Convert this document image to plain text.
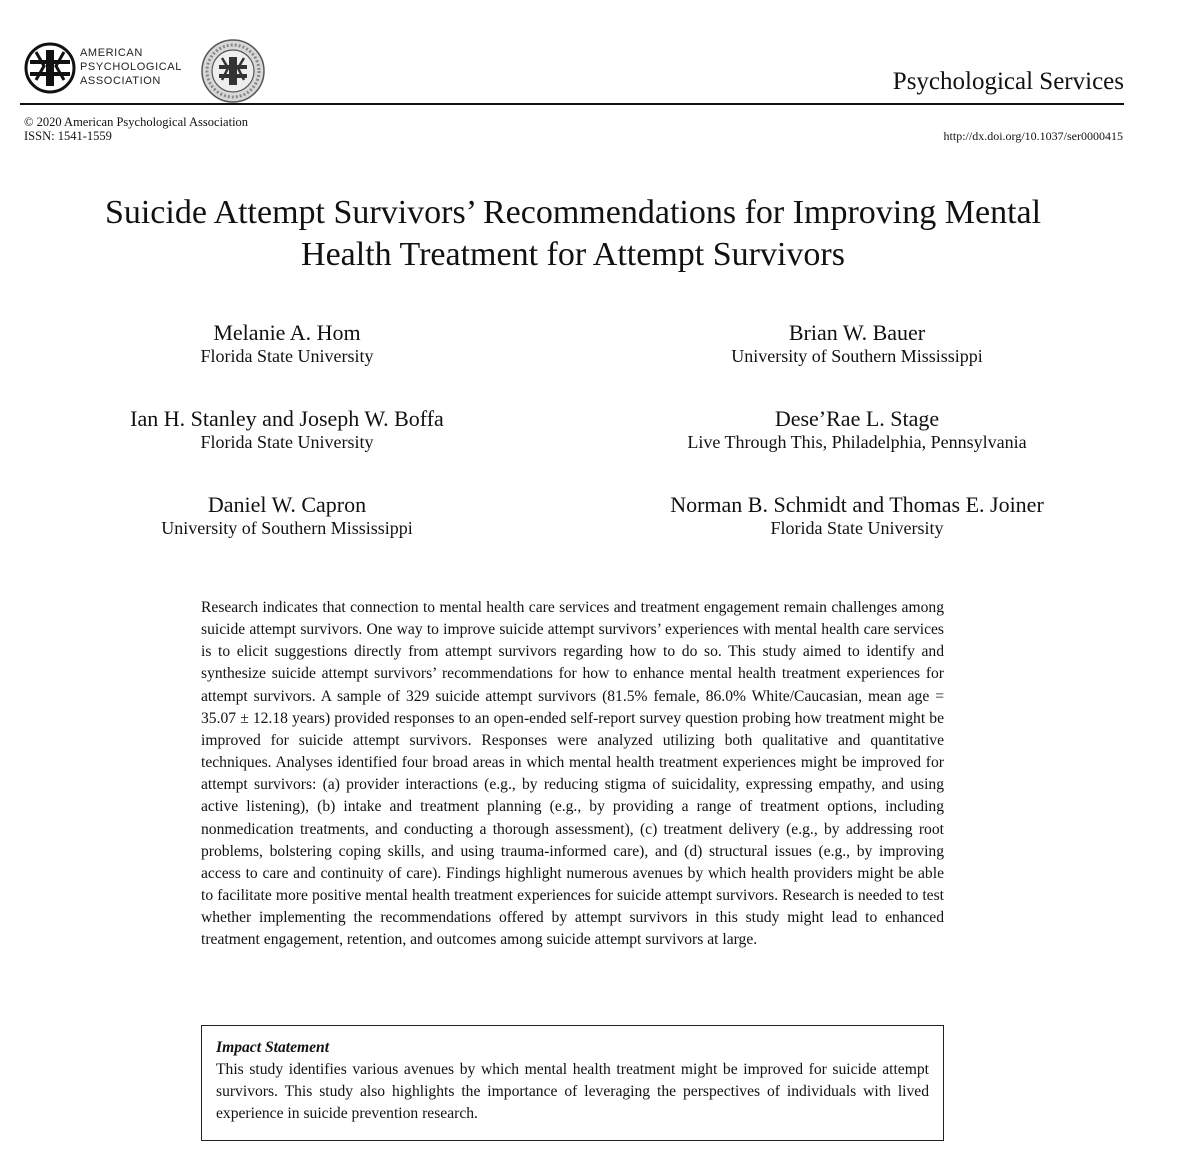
AMERICAN
PSYCHOLOGICAL
ASSOCIATION	Psychological Services
© 2020 American Psychological Association
ISSN: 1541-1559	http://dx.doi.org/10.1037/ser0000415
Suicide Attempt Survivors’ Recommendations for Improving Mental
Health Treatment for Attempt Survivors
Melanie A. Hom
Florida State University
Ian H. Stanley and Joseph W. Boffa
Florida State University
Daniel W. Capron
University of Southern Mississippi
Brian W. Bauer
University of Southern Mississippi
Dese’Rae L. Stage
Live Through This, Philadelphia, Pennsylvania
Norman B. Schmidt and Thomas E. Joiner
Florida State University
Research indicates that connection to mental health care services and treatment engagement remain challenges among suicide attempt survivors. One way to improve suicide attempt survivors’ experiences with mental health care services is to elicit suggestions directly from attempt survivors regarding how to do so. This study aimed to identify and synthesize suicide attempt survivors’ recommendations for how to enhance mental health treatment experiences for attempt survivors. A sample of 329 suicide attempt survivors (81.5% female, 86.0% White/Caucasian, mean age = 35.07 ± 12.18 years) provided responses to an open-ended self-report survey question probing how treatment might be improved for suicide attempt survivors. Responses were analyzed utilizing both qualitative and quantitative techniques. Analyses identified four broad areas in which mental health treatment experiences might be improved for attempt survivors: (a) provider interactions (e.g., by reducing stigma of suicidality, expressing empathy, and using active listening), (b) intake and treatment planning (e.g., by providing a range of treatment options, including nonmedication treatments, and conducting a thorough assessment), (c) treatment delivery (e.g., by addressing root problems, bolstering coping skills, and using trauma-informed care), and (d) structural issues (e.g., by improving access to care and continuity of care). Findings highlight numerous avenues by which health providers might be able to facilitate more positive mental health treatment experiences for suicide attempt survivors. Research is needed to test whether implementing the recommendations offered by attempt survivors in this study might lead to enhanced treatment engagement, retention, and outcomes among suicide attempt survivors at large.
Impact Statement
This study identifies various avenues by which mental health treatment might be improved for suicide attempt survivors. This study also highlights the importance of leveraging the perspectives of individuals with lived experience in suicide prevention research.
